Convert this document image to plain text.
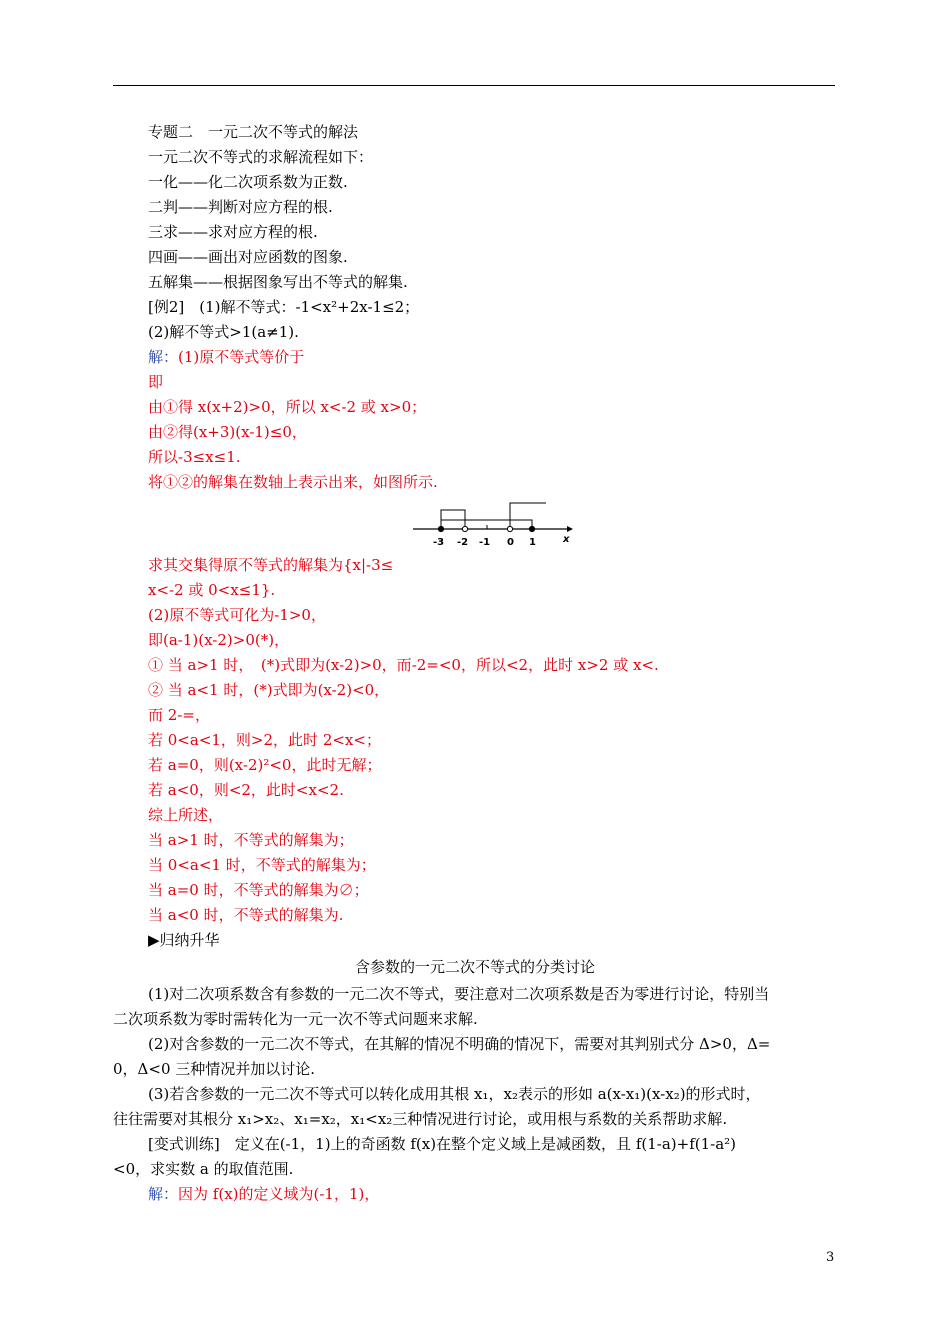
专题二　一元二次不等式的解法
一元二次不等式的求解流程如下：
一化——化二次项系数为正数.
二判——判断对应方程的根.
三求——求对应方程的根.
四画——画出对应函数的图象.
五解集——根据图象写出不等式的解集.
[例2]　(1)解不等式：-1<x²+2x-1≤2；
(2)解不等式>1(a≠1).
解：(1)原不等式等价于
即
由①得 x(x+2)>0，所以 x<-2 或 x>0；
由②得(x+3)(x-1)≤0，
所以-3≤x≤1.
将①②的解集在数轴上表示出来，如图所示.
-3 -2 -1 0 1	x
求其交集得原不等式的解集为{x|-3≤
x<-2 或 0<x≤1}.
(2)原不等式可化为-1>0，
即(a-1)(x-2)>0(*)，
① 当 a>1 时，　(*)式即为(x-2)>0，而-2=<0，所以<2，此时 x>2 或 x<.
② 当 a<1 时，(*)式即为(x-2)<0，
而 2-=，
若 0<a<1，则>2，此时 2<x<；
若 a=0，则(x-2)²<0，此时无解；
若 a<0，则<2，此时<x<2.
综上所述，
当 a>1 时，不等式的解集为；
当 0<a<1 时，不等式的解集为；
当 a=0 时，不等式的解集为∅；
当 a<0 时，不等式的解集为.
▶归纳升华
含参数的一元二次不等式的分类讨论
(1)对二次项系数含有参数的一元二次不等式，要注意对二次项系数是否为零进行讨论，特别当
二次项系数为零时需转化为一元一次不等式问题来求解.
(2)对含参数的一元二次不等式，在其解的情况不明确的情况下，需要对其判别式分 Δ>0，Δ=
0，Δ<0 三种情况并加以讨论.
(3)若含参数的一元二次不等式可以转化成用其根 x₁，x₂表示的形如 a(x-x₁)(x-x₂)的形式时，
往往需要对其根分 x₁>x₂、x₁=x₂，x₁<x₂三种情况进行讨论，或用根与系数的关系帮助求解.
[变式训练]　定义在(-1，1)上的奇函数 f(x)在整个定义域上是减函数，且 f(1-a)+f(1-a²)
<0，求实数 a 的取值范围.
解：因为 f(x)的定义域为(-1，1)，
3
